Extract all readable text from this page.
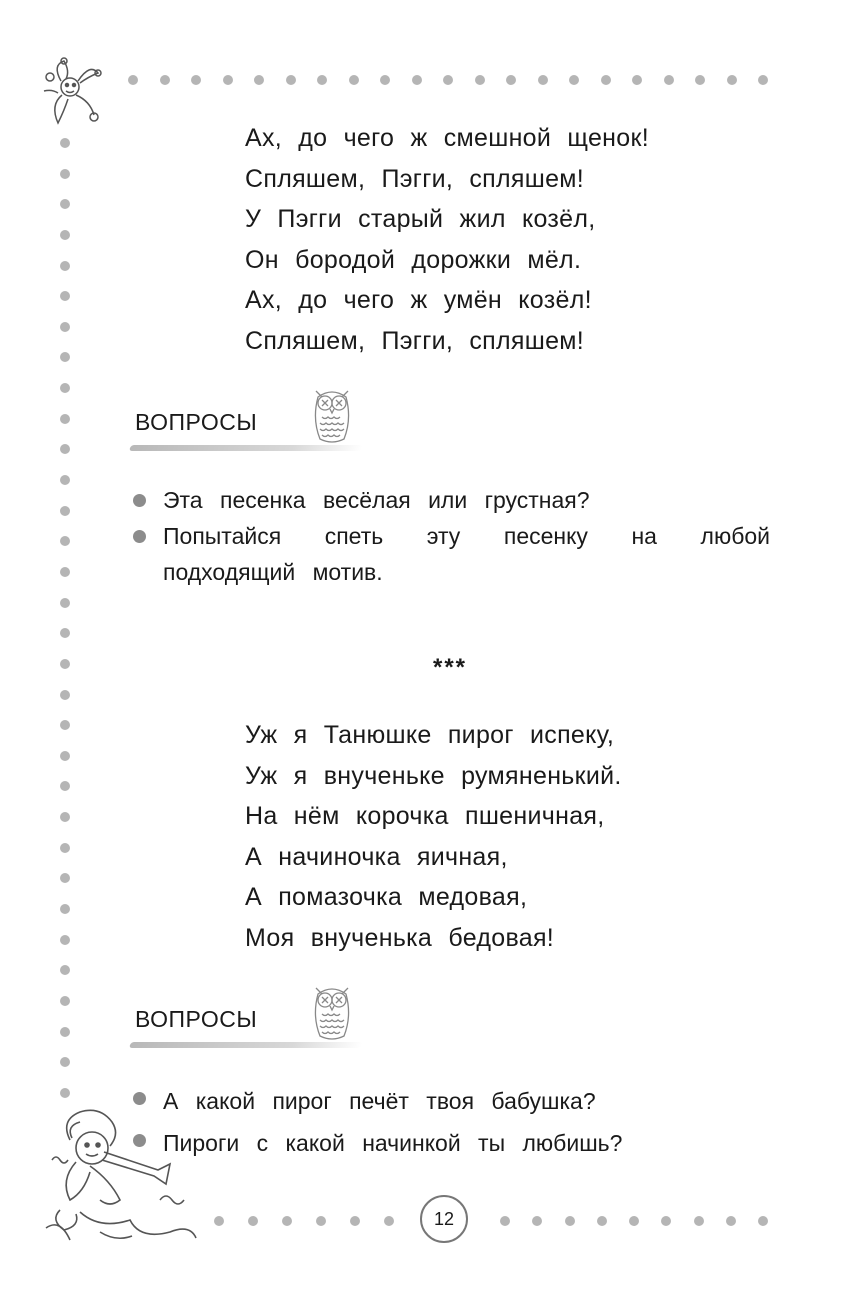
Ах, до чего ж смешной щенок!
Спляшем, Пэгги, спляшем!
У Пэгги старый жил козёл,
Он бородой дорожки мёл.
Ах, до чего ж умён козёл!
Спляшем, Пэгги, спляшем!
ВОПРОСЫ
Эта песенка весёлая или грустная?
Попытайся спеть эту песенку на любой подходящий мотив.
***
Уж я Танюшке пирог испеку,
Уж я внученьке румяненький.
На нём корочка пшеничная,
А начиночка яичная,
А помазочка медовая,
Моя внученька бедовая!
ВОПРОСЫ
А какой пирог печёт твоя бабушка?
Пироги с какой начинкой ты любишь?
12
